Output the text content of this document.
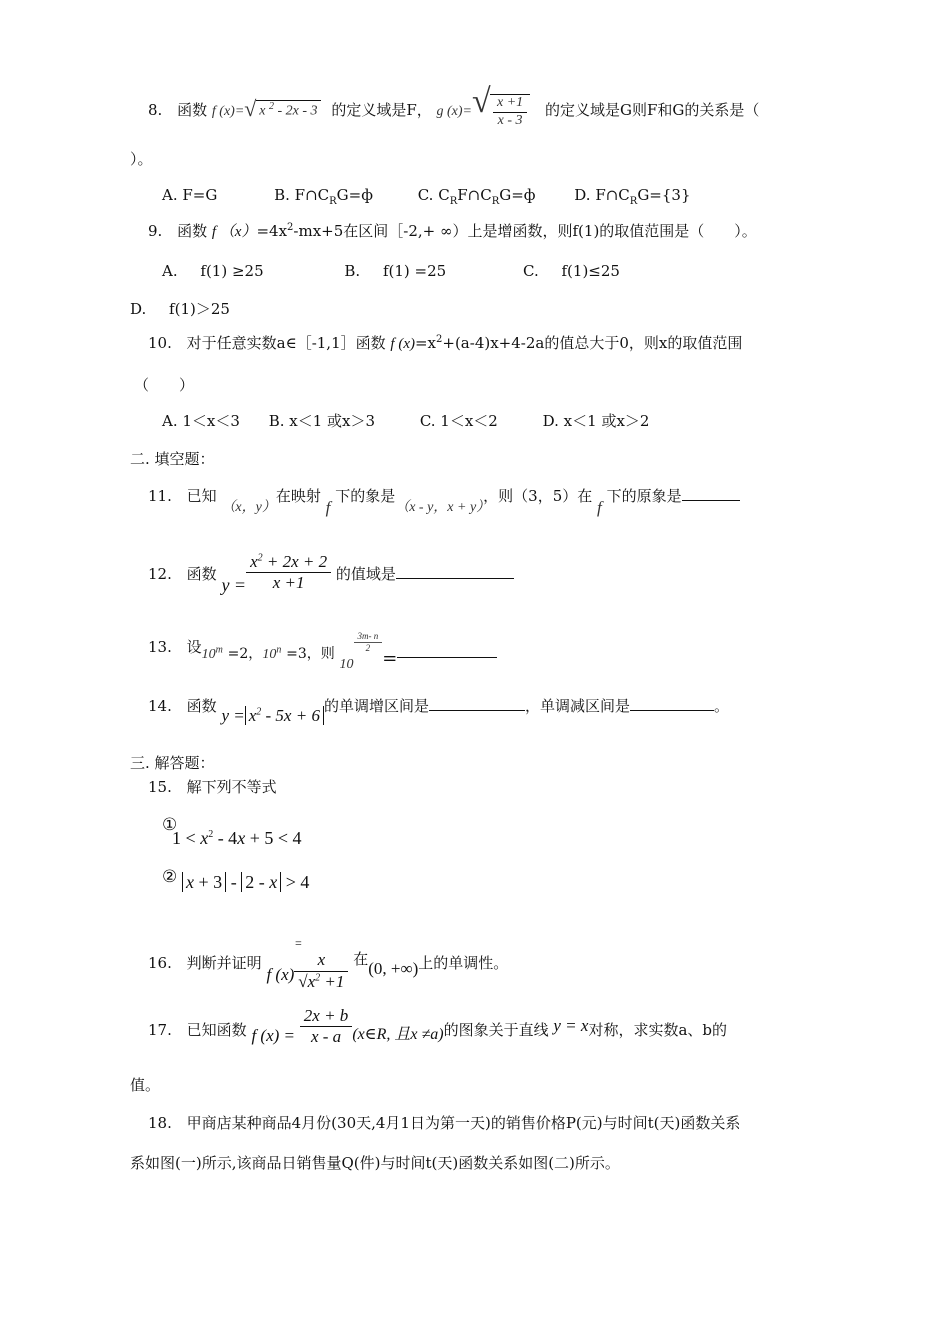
8. 函数 f (x)= √ x $^2$ - 2x - 3 的定义域是F， g (x)= √ $\frac{x +1}{x - 3}$ 的定义域是G则F和G的关系是（
）。
A. F=G	B. $F\cap C_RG=ф$	C. $C_RF\cap C_RG=ф$	D. $F\cap C_RG=\{3\}$
9. 函数 f $(x)=4x^2-mx+5$在区间［-2,+ ∞）上是增函数，则f(1)的取值范围是（　　）。
A. f(1) ≥25	B. f(1) =25	C. f(1)≤25
D. f(1)＞25
10. 对于任意实数a∈［-1,1］函数 f $(x)=x^2+(a-4)x+4-2a$的值总大于0，则x的取值范围
（　　）
A. 1＜x＜3 B. x＜1 或x＞3	C. 1＜x＜2	D. x＜1 或x＞2
二. 填空题：
11. 已知 （x，y）在映射 f 下的象是（x - y，x + y），则（3，5）在 f 下的原象是
12. 函数 $y = \frac{x^2 + 2x + 2}{x +1}$ 的值域是
13. 设$10^m =2$，$10^n =3$，则 10
$\frac{3m- n}{2}$
=
14. 函数 $y = x^2 - 5x + 6$ 的单调增区间是	，单调减区间是	。
三. 解答题：
15. 解下列不等式
① $1 < x^2 - 4x + 5 < 4$
② x + 3 - 2 - x > 4
16. 判断并证明 f (x)
=
x
$√x^2 +1$
在(0, +∞)上的单调性。
17. 已知函数 f $(x) = \frac{2x + b}{x - a}$ (x∈R, 且x ≠a)的图象关于直线 y = x对称，求实数a、b的
值。
18. 甲商店某种商品4月份(30天,4月1日为第一天)的销售价格P(元)与时间t(天)函数关系
系如图(一)所示,该商品日销售量Q(件)与时间t(天)函数关系如图(二)所示。
